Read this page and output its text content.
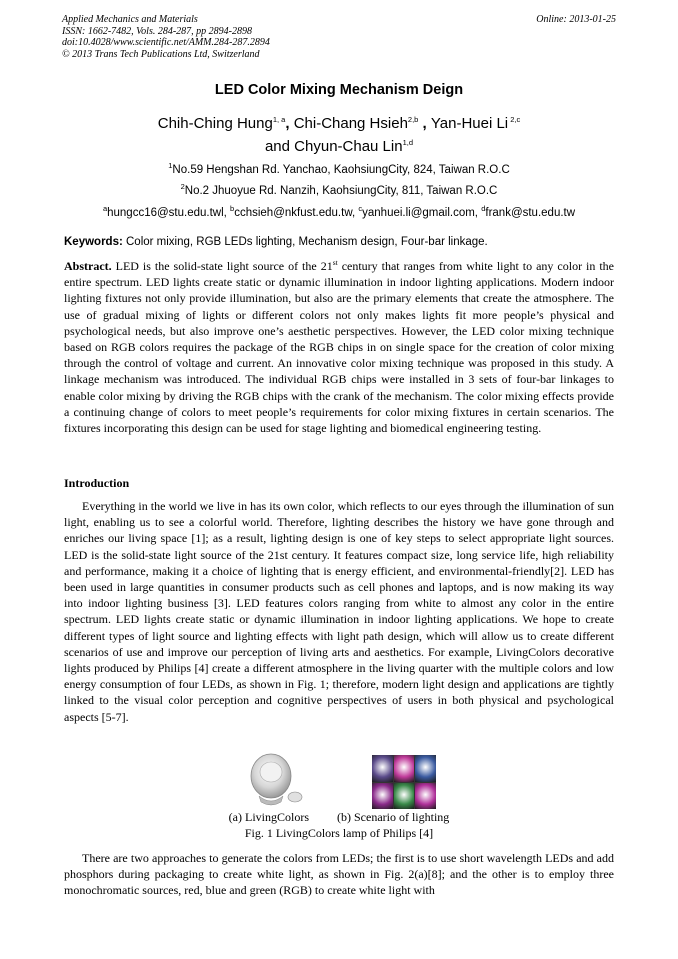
Applied Mechanics and Materials
ISSN: 1662-7482, Vols. 284-287, pp 2894-2898
doi:10.4028/www.scientific.net/AMM.284-287.2894
© 2013 Trans Tech Publications Ltd, Switzerland
Online: 2013-01-25
LED Color Mixing Mechanism Deign
Chih-Ching Hung$^{1, a}$, Chi-Chang Hsieh$^{2,b}$ , Yan-Huei Li $^{2,c}$
and Chyun-Chau Lin$^{1,d}$
$^1$No.59 Hengshan Rd. Yanchao, KaohsiungCity, 824, Taiwan R.O.C
$^2$No.2 Jhuoyue Rd. Nanzih, KaohsiungCity, 811, Taiwan R.O.C
$^a$hungcc16@stu.edu.twl, $^b$cchsieh@nkfust.edu.tw, $^c$yanhuei.li@gmail.com, $^d$frank@stu.edu.tw
Keywords: Color mixing, RGB LEDs lighting, Mechanism design, Four-bar linkage.
Abstract. LED is the solid-state light source of the 21st century that ranges from white light to any color in the entire spectrum. LED lights create static or dynamic illumination in indoor lighting applications. Modern indoor lighting fixtures not only provide illumination, but also are the primary elements that create the atmosphere. The use of gradual mixing of lights or different colors not only makes lights fit more people’s physical and psychological needs, but also improve one’s aesthetic perspectives. However, the LED color mixing technique based on RGB colors requires the package of the RGB chips in on single space for the creation of color mixing through the control of voltage and current. An innovative color mixing technique was proposed in this study. A linkage mechanism was introduced. The individual RGB chips were installed in 3 sets of four-bar linkages to enable color mixing by driving the RGB chips with the crank of the mechanism. The color mixing effects provide a continuing change of colors to meet people’s requirements for color mixing fixtures in certain scenarios. The fixtures incorporating this design can be used for stage lighting and biomedical engineering testing.
Introduction
Everything in the world we live in has its own color, which reflects to our eyes through the illumination of sun light, enabling us to see a colorful world. Therefore, lighting describes the history we have gone through and enriches our living space [1]; as a result, lighting design is one of key steps to select appropriate light sources. LED is the solid-state light source of the 21st century. It features compact size, long service life, high reliability and performance, making it a choice of lighting that is energy efficient, and environmental-friendly[2]. LED has been used in large quantities in consumer products such as cell phones and laptops, and is now making its way into indoor lighting business [3]. LED features colors ranging from white to almost any color in the entire spectrum. LED lights create static or dynamic illumination in indoor lighting applications. We hope to create different types of light source and lighting effects with light path design, which will allow us to create different scenarios of use and improve our perception of living arts and aesthetics. For example, LivingColors decorative lights produced by Philips [4] create a different atmosphere in the living quarter with the multiple colors and low energy consumption of four LEDs, as shown in Fig. 1; therefore, modern light design and applications are tightly linked to the visual color perception and cognitive perspectives of users in both physical and psychological aspects [5-7].
(a) LivingColors (b) Scenario of lighting
Fig. 1 LivingColors lamp of Philips [4]
There are two approaches to generate the colors from LEDs; the first is to use short wavelength LEDs and add phosphors during packaging to create white light, as shown in Fig. 2(a)[8]; and the other is to employ three monochromatic sources, red, blue and green (RGB) to create white light with
